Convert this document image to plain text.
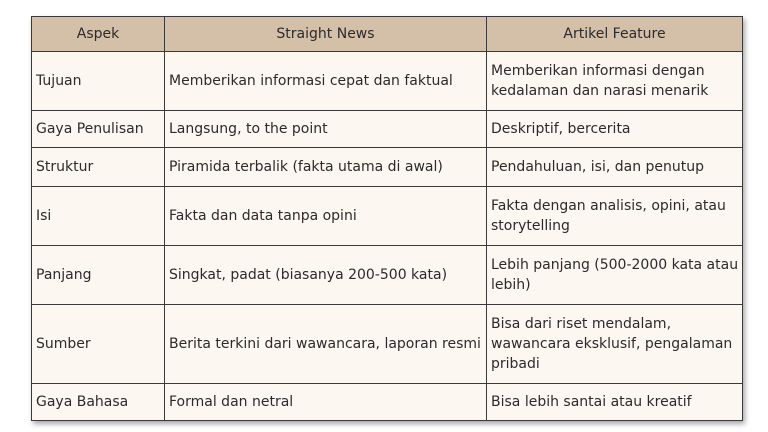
Aspek	Straight News	Artikel Feature
Tujuan	Memberikan informasi cepat dan faktual	Memberikan informasi dengan kedalaman dan narasi menarik
Gaya Penulisan	Langsung, to the point	Deskriptif, bercerita
Struktur	Piramida terbalik (fakta utama di awal)	Pendahuluan, isi, dan penutup
Isi	Fakta dan data tanpa opini	Fakta dengan analisis, opini, atau storytelling
Panjang	Singkat, padat (biasanya 200-500 kata)	Lebih panjang (500-2000 kata atau lebih)
Sumber	Berita terkini dari wawancara, laporan resmi	Bisa dari riset mendalam, wawancara eksklusif, pengalaman pribadi
Gaya Bahasa	Formal dan netral	Bisa lebih santai atau kreatif
